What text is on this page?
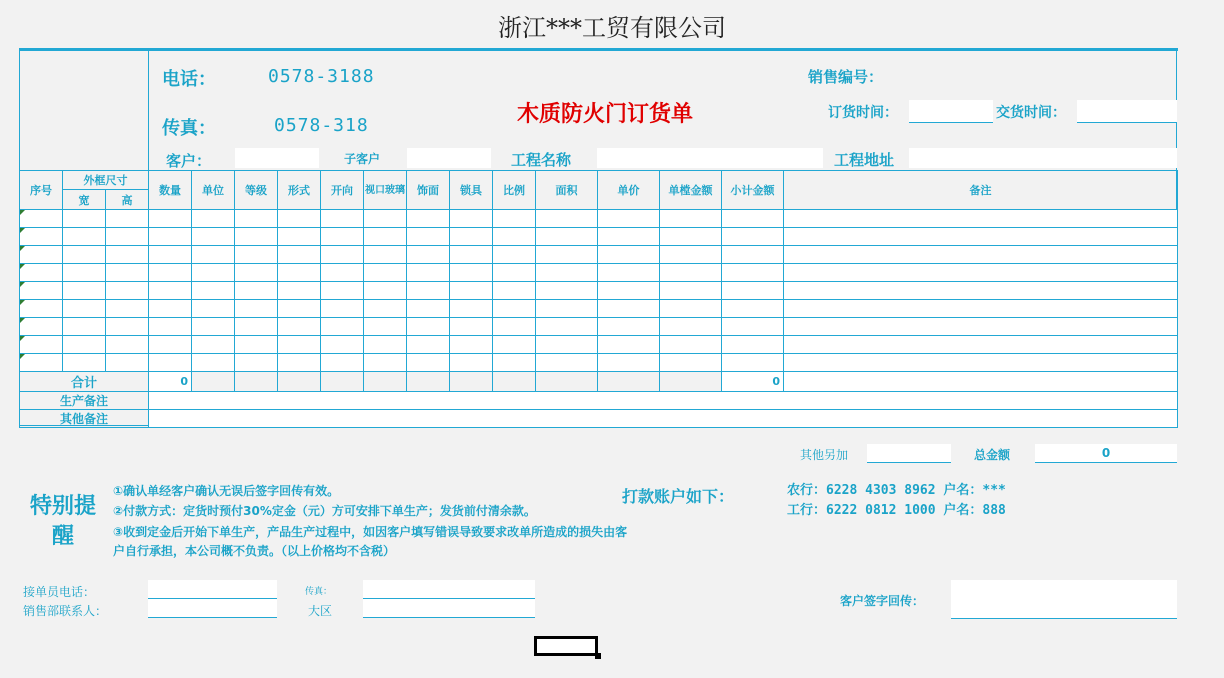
浙江***工贸有限公司
电话：	0578-3188
传真：	0578-318	木质防火门订货单
销售编号：
订货时间：	交货时间：
客户：	子客户	工程名称	工程地址
序号	外框尺寸		数量	单位	等级	形式	开向	视口玻璃	饰面	锁具	比例	面积	单价	单樘金额	小计金额	备注
	宽	高														

合计			0												0	
生产备注																
其他备注																
其他另加	总金额	0
特别提醒
①确认单经客户确认无误后签字回传有效。
②付款方式：定货时预付30%定金（元）方可安排下单生产；发货前付清余款。
③收到定金后开始下单生产，产品生产过程中，如因客户填写错误导致要求改单所造成的损失由客
户自行承担，本公司概不负责。（以上价格均不含税）
打款账户如下：	农行：6228 4303 8962 户名：***
工行：6222 0812 1000 户名：888
接单员电话：
销售部联系人：
传真：
大区
客户签字回传：
